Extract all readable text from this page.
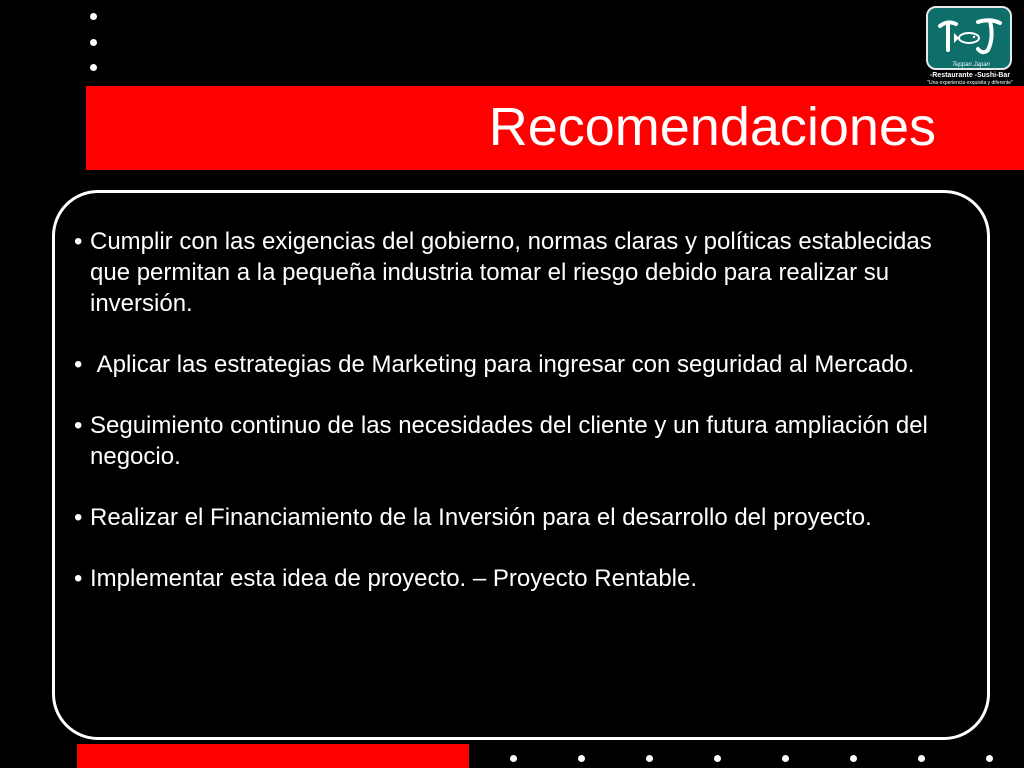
Recomendaciones
Teppan Japan
-Restaurante -Sushi-Bar
"Una experiencia exquisita y diferente"
• Cumplir con las exigencias del gobierno, normas claras y políticas establecidas que permitan a la pequeña industria tomar el riesgo debido para realizar su inversión.
• Aplicar las estrategias de Marketing para ingresar con seguridad al Mercado.
• Seguimiento continuo de las necesidades del cliente y un futura ampliación del negocio.
• Realizar el Financiamiento de la Inversión para el desarrollo del proyecto.
• Implementar esta idea de proyecto. – Proyecto Rentable.
